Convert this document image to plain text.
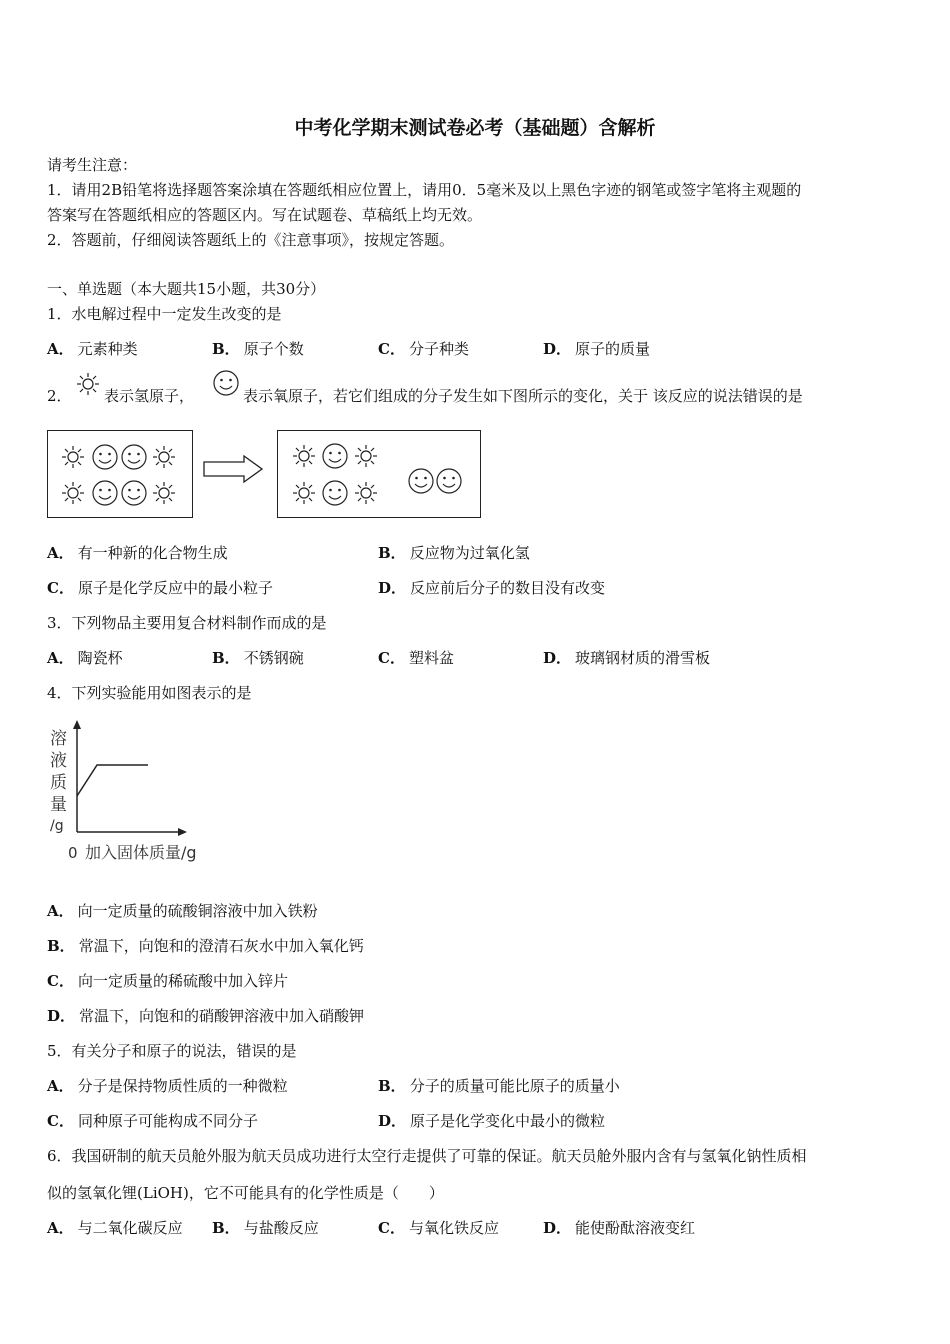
中考化学期末测试卷必考（基础题）含解析
请考生注意：
1．请用2B铅笔将选择题答案涂填在答题纸相应位置上，请用0．5毫米及以上黑色字迹的钢笔或签字笔将主观题的
答案写在答题纸相应的答题区内。写在试题卷、草稿纸上均无效。
2．答题前，仔细阅读答题纸上的《注意事项》，按规定答题。
一、单选题（本大题共15小题，共30分）
1．水电解过程中一定发生改变的是
A． 元素种类	B． 原子个数	C． 分子种类	D． 原子的质量
2． 表示氢原子，	表示氧原子，若它们组成的分子发生如下图所示的变化，关于 该反应的说法错误的是
A． 有一种新的化合物生成	B． 反应物为过氧化氢
C． 原子是化学反应中的最小粒子	D． 反应前后分子的数目没有改变
3．下列物品主要用复合材料制作而成的是
A． 陶瓷杯	B． 不锈钢碗	C． 塑料盆	D． 玻璃钢材质的滑雪板
4．下列实验能用如图表示的是
溶
液
质
量
/g
0 加入固体质量/g
A． 向一定质量的硫酸铜溶液中加入铁粉
B． 常温下，向饱和的澄清石灰水中加入氧化钙
C． 向一定质量的稀硫酸中加入锌片
D． 常温下，向饱和的硝酸钾溶液中加入硝酸钾
5．有关分子和原子的说法，错误的是
A． 分子是保持物质性质的一种微粒	B． 分子的质量可能比原子的质量小
C． 同种原子可能构成不同分子	D． 原子是化学变化中最小的微粒
6．我国研制的航天员舱外服为航天员成功进行太空行走提供了可靠的保证。航天员舱外服内含有与氢氧化钠性质相
似的氢氧化锂(LiOH)，它不可能具有的化学性质是（　　）
A． 与二氧化碳反应 B． 与盐酸反应	C． 与氧化铁反应	D． 能使酚酞溶液变红
